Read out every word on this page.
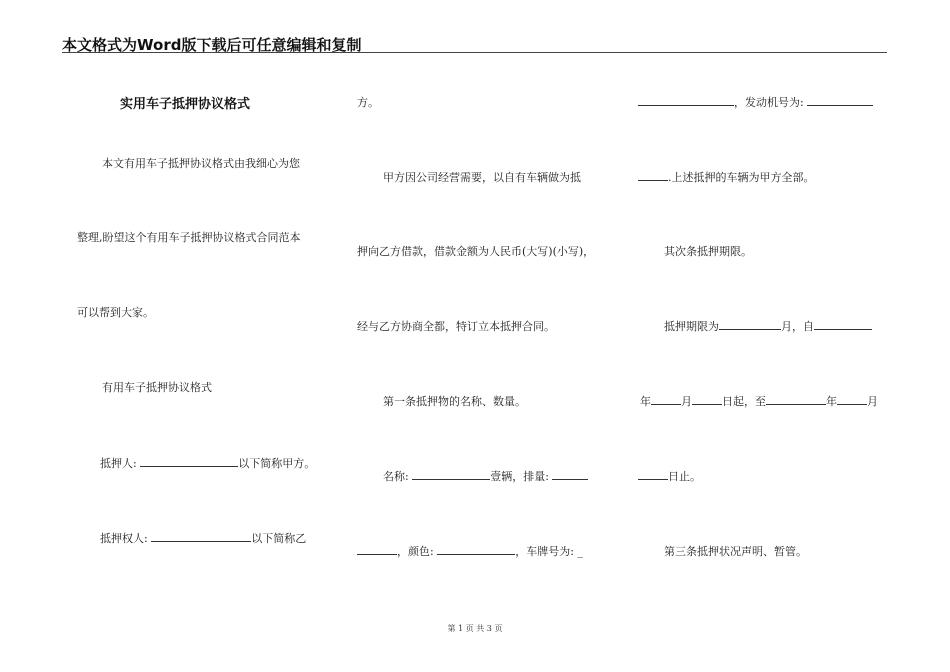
本文格式为Word版下载后可任意编辑和复制
实用车子抵押协议格式
本文有用车子抵押协议格式由我细心为您
整理,盼望这个有用车子抵押协议格式合同范本
可以帮到大家。
有用车子抵押协议格式
抵押人:	以下简称甲方。
抵押权人:	以下简称乙
方。
甲方因公司经营需要，以自有车辆做为抵
押向乙方借款，借款金额为人民币(大写)(小写)，
经与乙方协商全都，特订立本抵押合同。
第一条抵押物的名称、数量。
名称:	壹辆，排量:
，颜色:	，车牌号为: _
，发动机号为:
.上述抵押的车辆为甲方全部。
其次条抵押期限。
抵押期限为	月，自
年	月	日起，至	年	月
日止。
第三条抵押状况声明、暂管。
第 1 页 共 3 页
